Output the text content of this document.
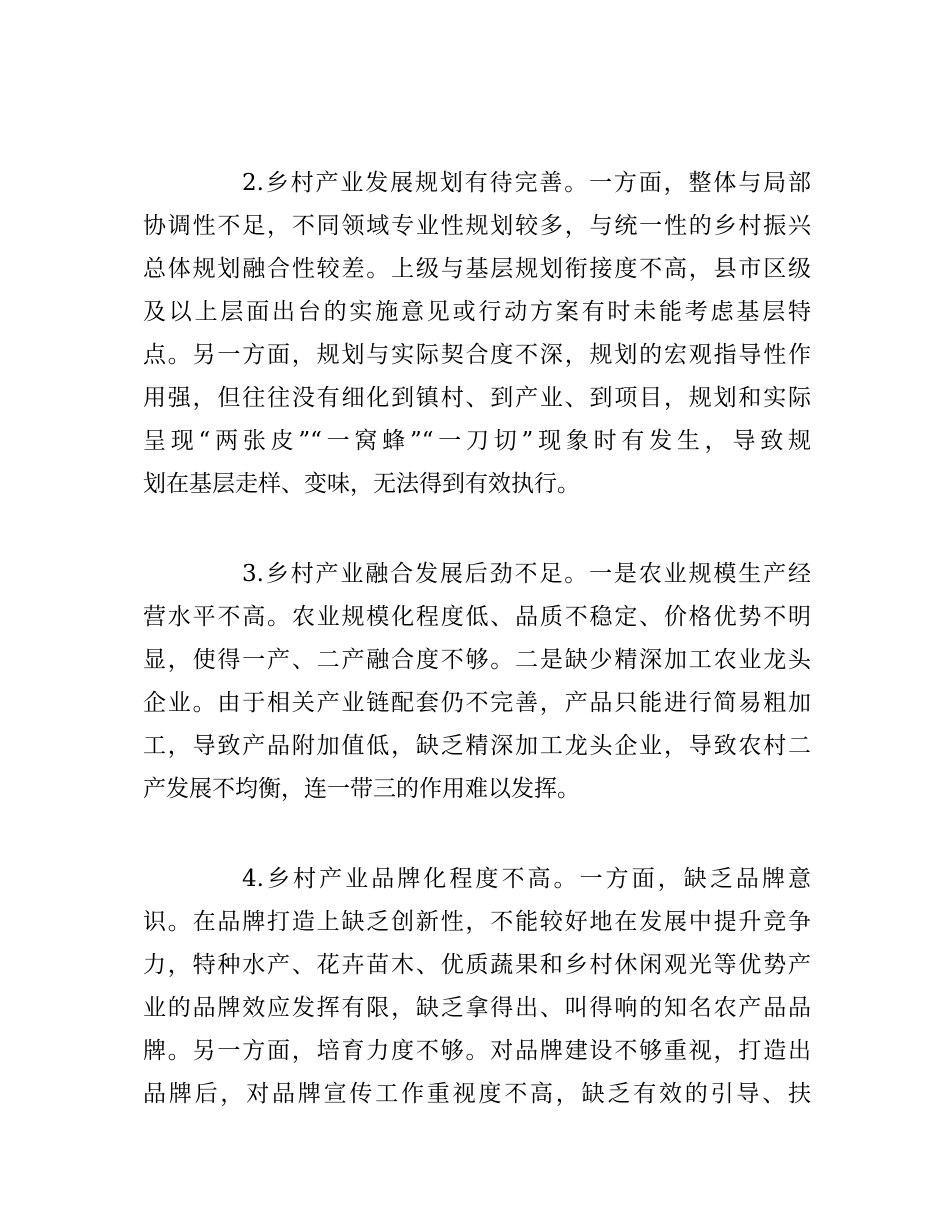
2.乡村产业发展规划有待完善。一方面，整体与局部
协调性不足，不同领域专业性规划较多，与统一性的乡村振兴
总体规划融合性较差。上级与基层规划衔接度不高，县市区级
及以上层面出台的实施意见或行动方案有时未能考虑基层特
点。另一方面，规划与实际契合度不深，规划的宏观指导性作
用强，但往往没有细化到镇村、到产业、到项目，规划和实际
呈现“两张皮”“一窝蜂”“一刀切”现象时有发生，导致规
划在基层走样、变味，无法得到有效执行。
3.乡村产业融合发展后劲不足。一是农业规模生产经
营水平不高。农业规模化程度低、品质不稳定、价格优势不明
显，使得一产、二产融合度不够。二是缺少精深加工农业龙头
企业。由于相关产业链配套仍不完善，产品只能进行简易粗加
工，导致产品附加值低，缺乏精深加工龙头企业，导致农村二
产发展不均衡，连一带三的作用难以发挥。
4.乡村产业品牌化程度不高。一方面，缺乏品牌意
识。在品牌打造上缺乏创新性，不能较好地在发展中提升竞争
力，特种水产、花卉苗木、优质蔬果和乡村休闲观光等优势产
业的品牌效应发挥有限，缺乏拿得出、叫得响的知名农产品品
牌。另一方面，培育力度不够。对品牌建设不够重视，打造出
品牌后，对品牌宣传工作重视度不高，缺乏有效的引导、扶
